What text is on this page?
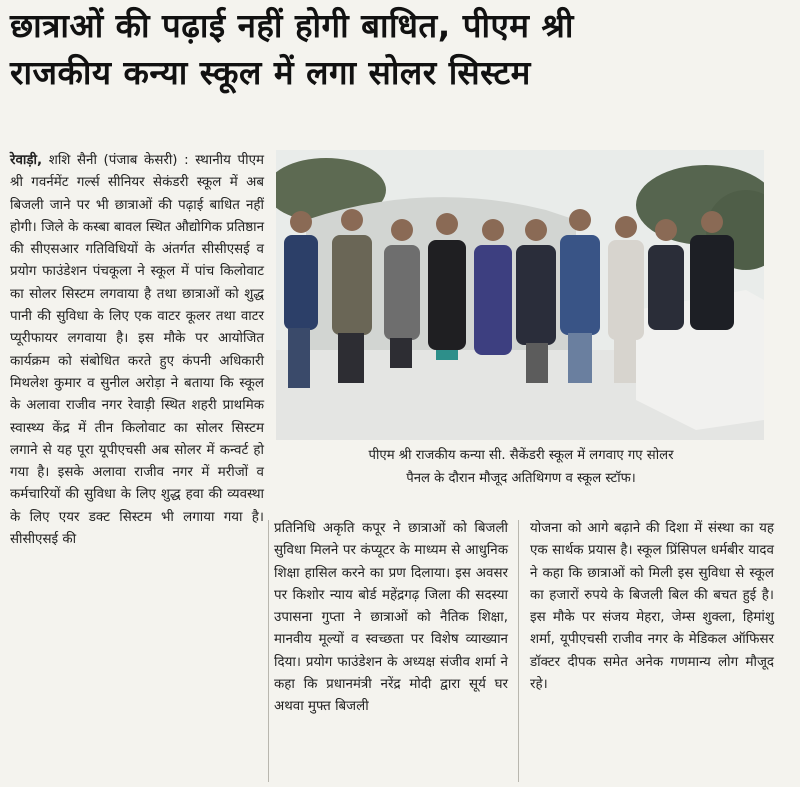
छात्राओं की पढ़ाई नहीं होगी बाधित, पीएम श्री
राजकीय कन्या स्कूल में लगा सोलर सिस्टम
रेवाड़ी, शशि सैनी (पंजाब केसरी) : स्थानीय पीएम श्री गवर्नमेंट गर्ल्स सीनियर सेकंडरी स्कूल में अब बिजली जाने पर भी छात्राओं की पढ़ाई बाधित नहीं होगी। जिले के कस्बा बावल स्थित औद्योगिक प्रतिष्ठान की सीएसआर गतिविधियों के अंतर्गत सीसीएसई व प्रयोग फाउंडेशन पंचकूला ने स्कूल में पांच किलोवाट का सोलर सिस्टम लगवाया है तथा छात्राओं को शुद्ध पानी की सुविधा के लिए एक वाटर कूलर तथा वाटर प्यूरीफायर लगवाया है। इस मौके पर आयोजित कार्यक्रम को संबोधित करते हुए कंपनी अधिकारी मिथलेश कुमार व सुनील अरोड़ा ने बताया कि स्कूल के अलावा राजीव नगर रेवाड़ी स्थित शहरी प्राथमिक स्वास्थ्य केंद्र में तीन किलोवाट का सोलर सिस्टम लगाने से यह पूरा यूपीएचसी अब सोलर में कन्वर्ट हो गया है। इसके अलावा राजीव नगर में मरीजों व कर्मचारियों की सुविधा के लिए शुद्ध हवा की व्यवस्था के लिए एयर डक्ट सिस्टम भी लगाया गया है। सीसीएसई की
पीएम श्री राजकीय कन्या सी. सैकेंडरी स्कूल में लगवाए गए सोलर
पैनल के दौरान मौजूद अतिथिगण व स्कूल स्टॉफ।
प्रतिनिधि अकृति कपूर ने छात्राओं को बिजली सुविधा मिलने पर कंप्यूटर के माध्यम से आधुनिक शिक्षा हासिल करने का प्रण दिलाया। इस अवसर पर किशोर न्याय बोर्ड महेंद्रगढ़ जिला की सदस्या उपासना गुप्ता ने छात्राओं को नैतिक शिक्षा, मानवीय मूल्यों व स्वच्छता पर विशेष व्याख्यान दिया। प्रयोग फाउंडेशन के अध्यक्ष संजीव शर्मा ने कहा कि प्रधानमंत्री नरेंद्र मोदी द्वारा सूर्य घर अथवा मुफ्त बिजली
योजना को आगे बढ़ाने की दिशा में संस्था का यह एक सार्थक प्रयास है। स्कूल प्रिंसिपल धर्मबीर यादव ने कहा कि छात्राओं को मिली इस सुविधा से स्कूल का हजारों रुपये के बिजली बिल की बचत हुई है। इस मौके पर संजय मेहरा, जेम्स शुक्ला, हिमांशु शर्मा, यूपीएचसी राजीव नगर के मेडिकल ऑफिसर डॉक्टर दीपक समेत अनेक गणमान्य लोग मौजूद रहे।
